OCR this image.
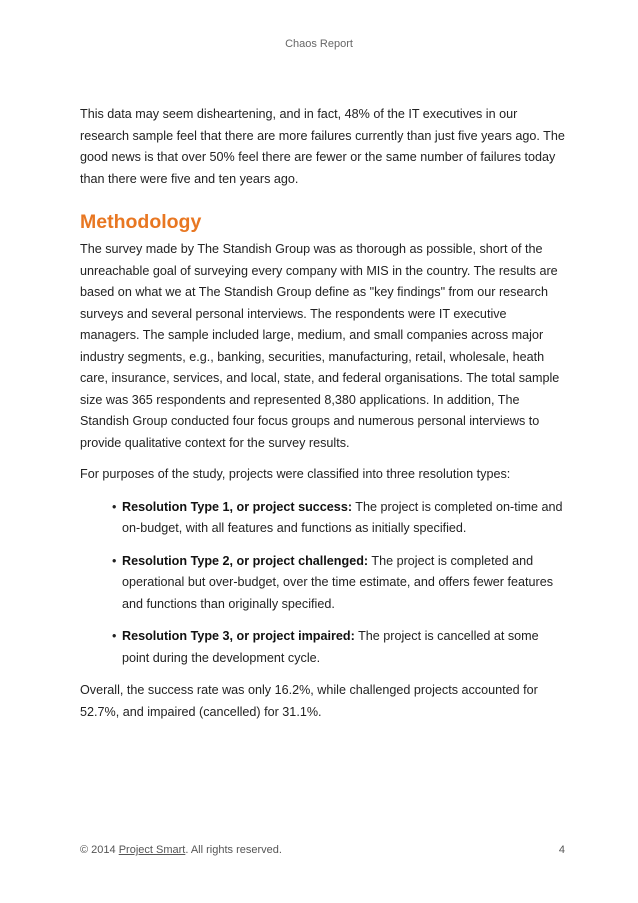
Chaos Report

This data may seem disheartening, and in fact, 48% of the IT executives in our research sample feel that there are more failures currently than just five years ago. The good news is that over 50% feel there are fewer or the same number of failures today than there were five and ten years ago.

Methodology

The survey made by The Standish Group was as thorough as possible, short of the unreachable goal of surveying every company with MIS in the country. The results are based on what we at The Standish Group define as "key findings" from our research surveys and several personal interviews. The respondents were IT executive managers. The sample included large, medium, and small companies across major industry segments, e.g., banking, securities, manufacturing, retail, wholesale, heath care, insurance, services, and local, state, and federal organisations. The total sample size was 365 respondents and represented 8,380 applications. In addition, The Standish Group conducted four focus groups and numerous personal interviews to provide qualitative context for the survey results.

For purposes of the study, projects were classified into three resolution types:

• Resolution Type 1, or project success: The project is completed on-time and on-budget, with all features and functions as initially specified.
• Resolution Type 2, or project challenged: The project is completed and operational but over-budget, over the time estimate, and offers fewer features and functions than originally specified.
• Resolution Type 3, or project impaired: The project is cancelled at some point during the development cycle.

Overall, the success rate was only 16.2%, while challenged projects accounted for 52.7%, and impaired (cancelled) for 31.1%.

© 2014 Project Smart. All rights reserved.	4
